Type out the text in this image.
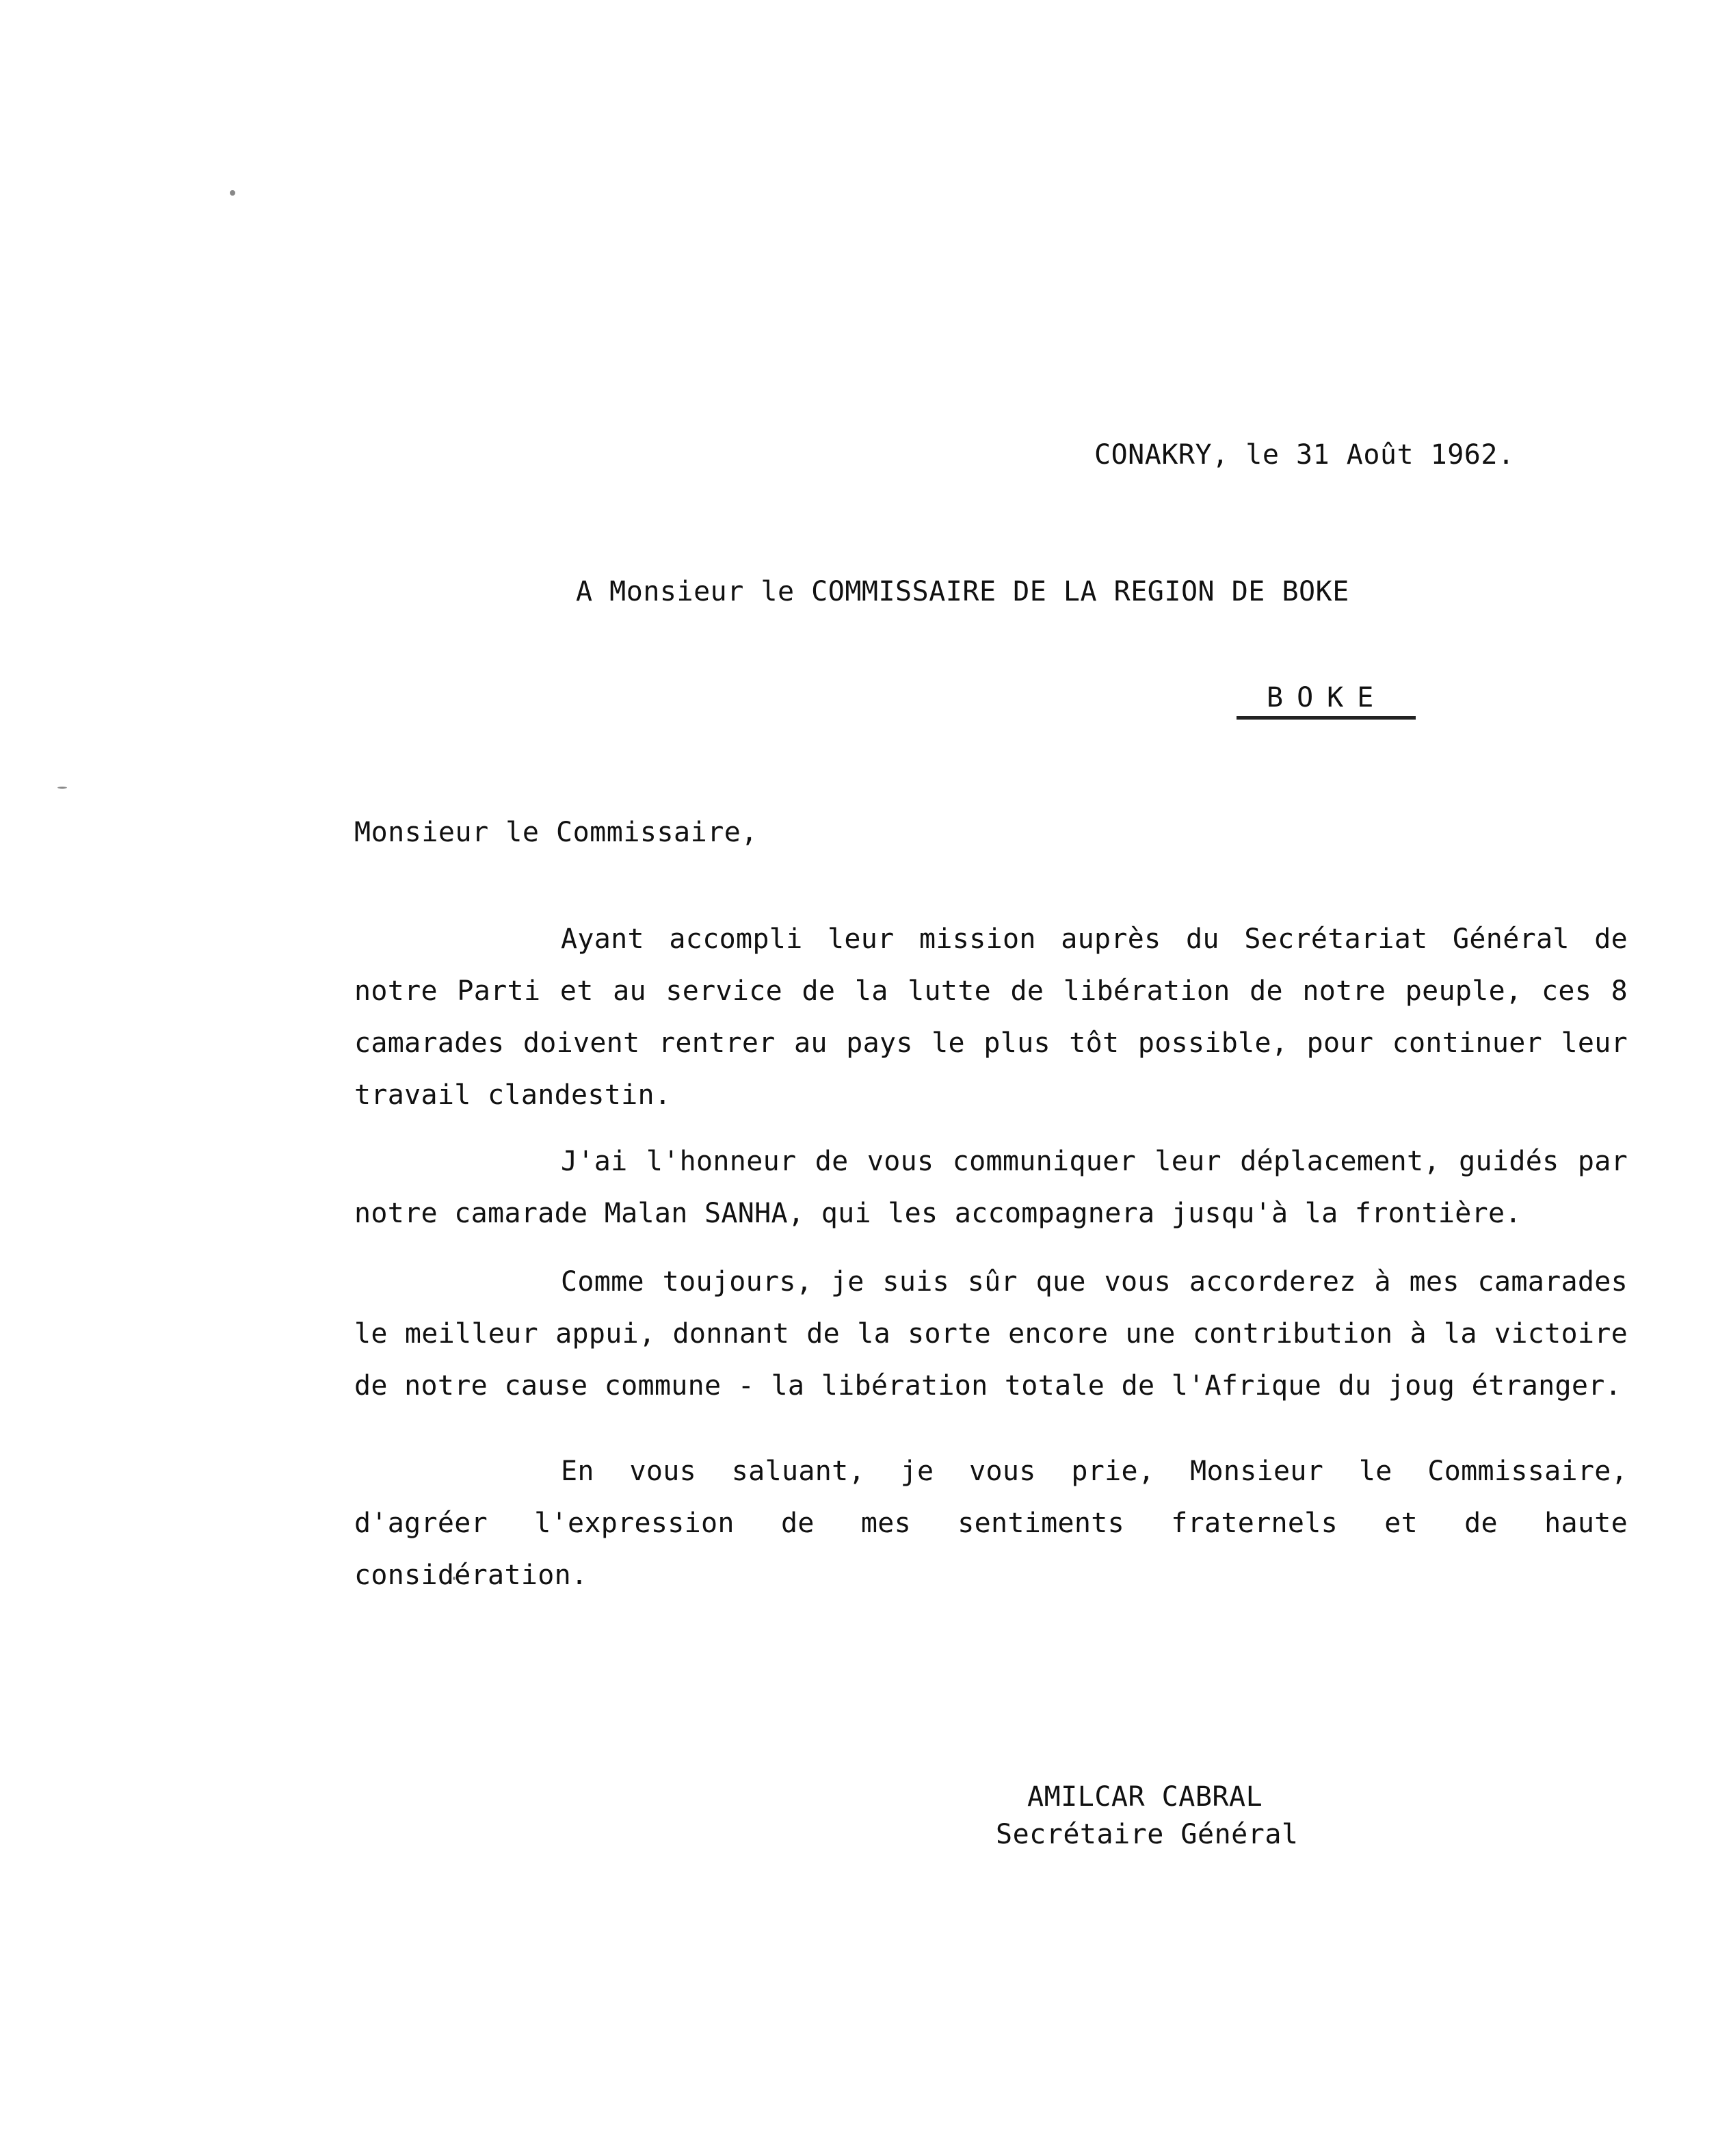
CONAKRY, le 31 Août 1962.
A Monsieur le COMMISSAIRE DE LA REGION DE BOKE
BOKE
Monsieur le Commissaire,
Ayant accompli leur mission auprès du Secrétariat Général de notre Parti et au service de la lutte de libération de notre peuple, ces 8 camarades doivent rentrer au pays le plus tôt possible, pour continuer leur travail clandestin.
J'ai l'honneur de vous communiquer leur déplacement, guidés par notre camarade Malan SANHA, qui les accompagnera jusqu'à la frontière.
Comme toujours, je suis sûr que vous accorderez à mes camarades le meilleur appui, donnant de la sorte encore une contribution à la victoire de notre cause commune - la libération totale de l'Afrique du joug étranger.
En vous saluant, je vous prie, Monsieur le Commissaire, d'agréer l'expression de mes sentiments fraternels et de haute considération.
AMILCAR CABRAL
Secrétaire Général
